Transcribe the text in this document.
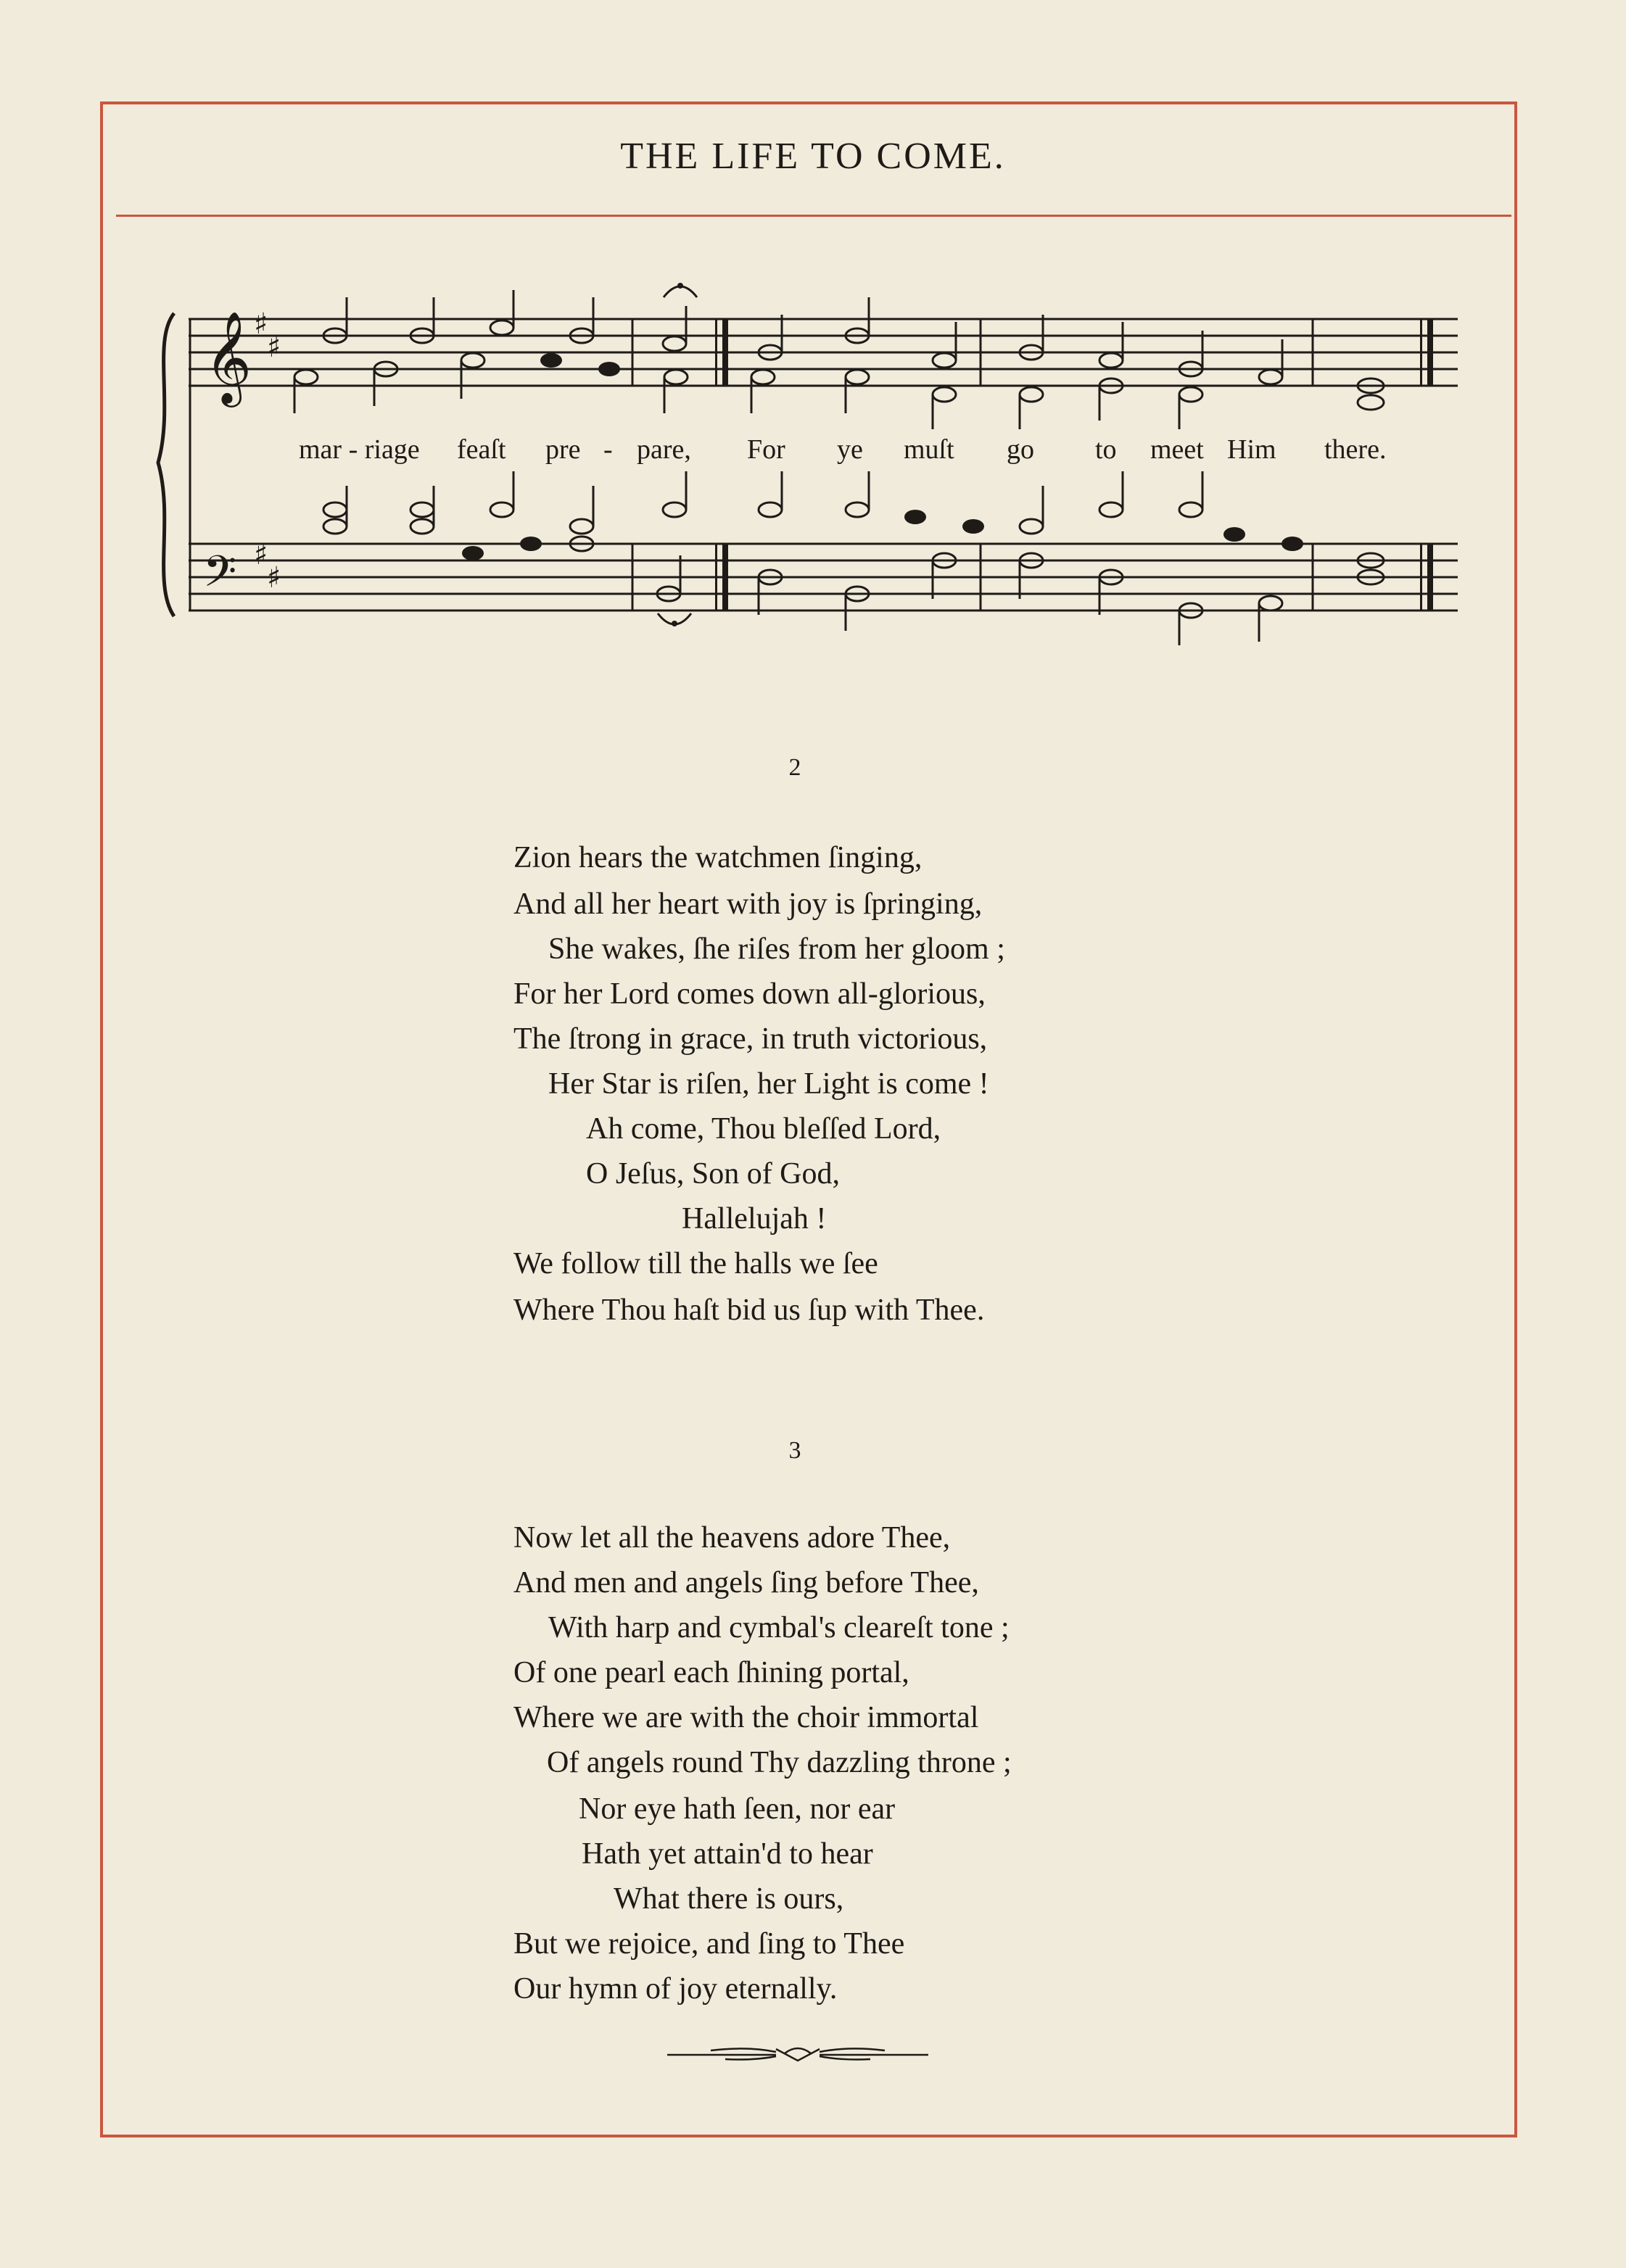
THE LIFE TO COME.
𝄞
𝄢
♯
♯
♯
♯
mar - riage feaſt pre - pare, For ye muſt go to meet Him there.
2
Zion hears the watchmen ſinging,
And all her heart with joy is ſpringing,
She wakes, ſhe riſes from her gloom ;
For her Lord comes down all-glorious,
The ſtrong in grace, in truth victorious,
Her Star is riſen, her Light is come !
Ah come, Thou bleſſed Lord,
O Jeſus, Son of God,
Hallelujah !
We follow till the halls we ſee
Where Thou haſt bid us ſup with Thee.
3
Now let all the heavens adore Thee,
And men and angels ſing before Thee,
With harp and cymbal's cleareſt tone ;
Of one pearl each ſhining portal,
Where we are with the choir immortal
Of angels round Thy dazzling throne ;
Nor eye hath ſeen, nor ear
Hath yet attain'd to hear
What there is ours,
But we rejoice, and ſing to Thee
Our hymn of joy eternally.
